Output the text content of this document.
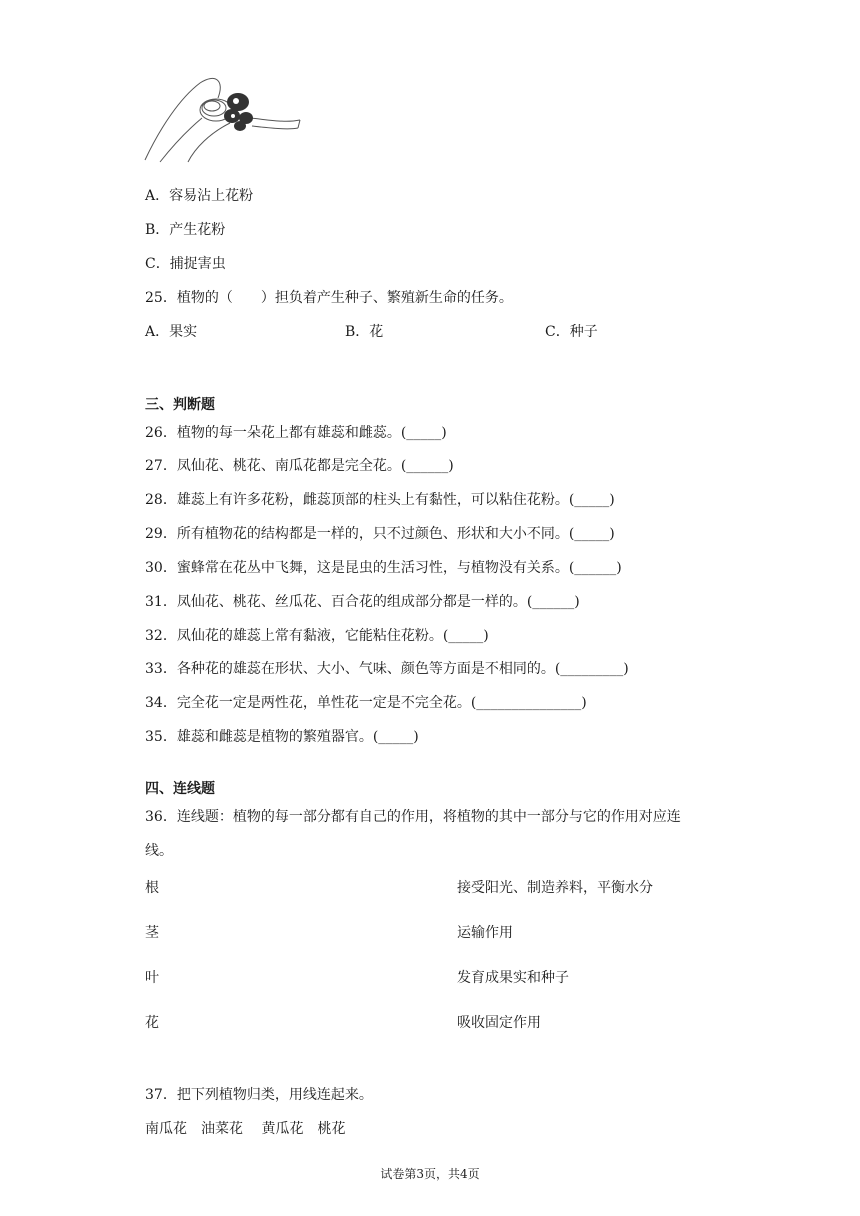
A．容易沾上花粉
B．产生花粉
C．捕捉害虫
25．植物的（　　）担负着产生种子、繁殖新生命的任务。
A．果实	B．花	C．种子
三、判断题
26．植物的每一朵花上都有雄蕊和雌蕊。(_____)
27．凤仙花、桃花、南瓜花都是完全花。(______)
28．雄蕊上有许多花粉，雌蕊顶部的柱头上有黏性，可以粘住花粉。(_____)
29．所有植物花的结构都是一样的，只不过颜色、形状和大小不同。(_____)
30．蜜蜂常在花丛中飞舞，这是昆虫的生活习性，与植物没有关系。(______)
31．凤仙花、桃花、丝瓜花、百合花的组成部分都是一样的。(______)
32．凤仙花的雄蕊上常有黏液，它能粘住花粉。(_____)
33．各种花的雄蕊在形状、大小、气味、颜色等方面是不相同的。(_________)
34．完全花一定是两性花，单性花一定是不完全花。(_______________)
35．雄蕊和雌蕊是植物的繁殖器官。(_____)
四、连线题
36．连线题：植物的每一部分都有自己的作用，将植物的其中一部分与它的作用对应连
线。
根
茎
叶
花
接受阳光、制造养料，平衡水分
运输作用
发育成果实和种子
吸收固定作用
37．把下列植物归类，用线连起来。
南瓜花　油菜花　 黄瓜花　桃花
试卷第3页，共4页
